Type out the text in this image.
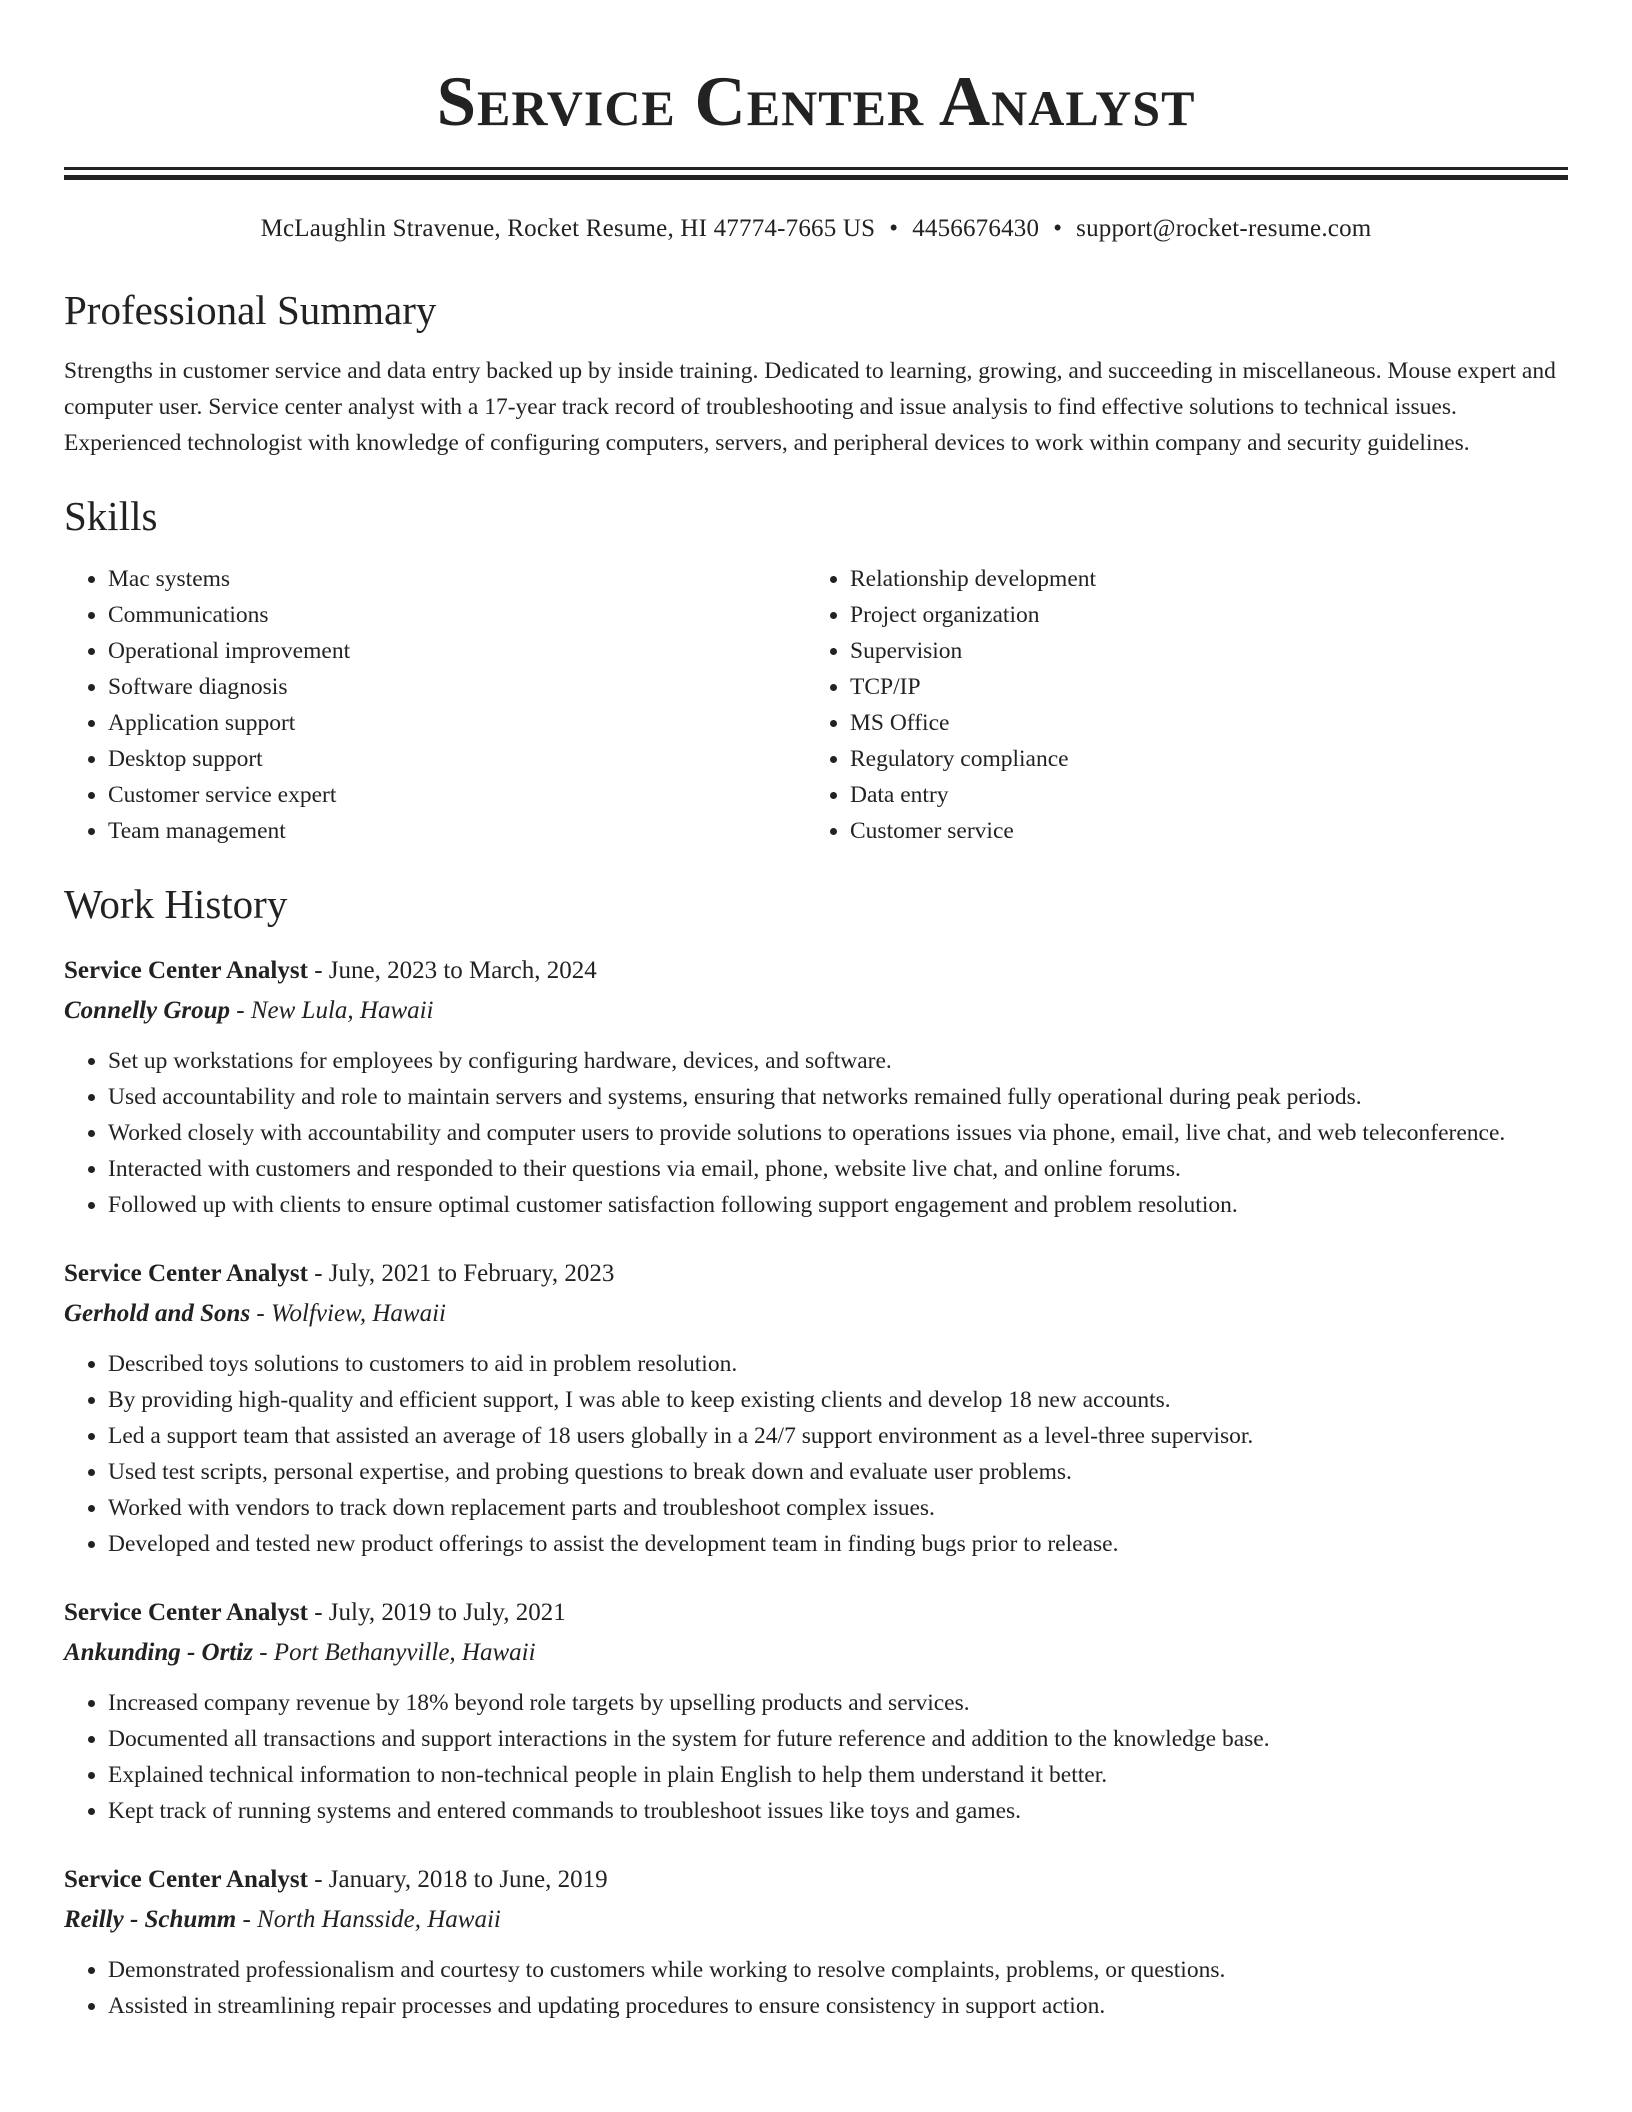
Service Center Analyst
McLaughlin Stravenue, Rocket Resume, HI 47774-7665 US • 4456676430 • support@rocket-resume.com
Professional Summary
Strengths in customer service and data entry backed up by inside training. Dedicated to learning, growing, and succeeding in miscellaneous. Mouse expert and computer user. Service center analyst with a 17-year track record of troubleshooting and issue analysis to find effective solutions to technical issues. Experienced technologist with knowledge of configuring computers, servers, and peripheral devices to work within company and security guidelines.
Skills
• Mac systems
• Communications
• Operational improvement
• Software diagnosis
• Application support
• Desktop support
• Customer service expert
• Team management
• Relationship development
• Project organization
• Supervision
• TCP/IP
• MS Office
• Regulatory compliance
• Data entry
• Customer service
Work History
Service Center Analyst - June, 2023 to March, 2024
Connelly Group - New Lula, Hawaii
• Set up workstations for employees by configuring hardware, devices, and software.
• Used accountability and role to maintain servers and systems, ensuring that networks remained fully operational during peak periods.
• Worked closely with accountability and computer users to provide solutions to operations issues via phone, email, live chat, and web teleconference.
• Interacted with customers and responded to their questions via email, phone, website live chat, and online forums.
• Followed up with clients to ensure optimal customer satisfaction following support engagement and problem resolution.
Service Center Analyst - July, 2021 to February, 2023
Gerhold and Sons - Wolfview, Hawaii
• Described toys solutions to customers to aid in problem resolution.
• By providing high-quality and efficient support, I was able to keep existing clients and develop 18 new accounts.
• Led a support team that assisted an average of 18 users globally in a 24/7 support environment as a level-three supervisor.
• Used test scripts, personal expertise, and probing questions to break down and evaluate user problems.
• Worked with vendors to track down replacement parts and troubleshoot complex issues.
• Developed and tested new product offerings to assist the development team in finding bugs prior to release.
Service Center Analyst - July, 2019 to July, 2021
Ankunding - Ortiz - Port Bethanyville, Hawaii
• Increased company revenue by 18% beyond role targets by upselling products and services.
• Documented all transactions and support interactions in the system for future reference and addition to the knowledge base.
• Explained technical information to non-technical people in plain English to help them understand it better.
• Kept track of running systems and entered commands to troubleshoot issues like toys and games.
Service Center Analyst - January, 2018 to June, 2019
Reilly - Schumm - North Hansside, Hawaii
• Demonstrated professionalism and courtesy to customers while working to resolve complaints, problems, or questions.
• Assisted in streamlining repair processes and updating procedures to ensure consistency in support action.
